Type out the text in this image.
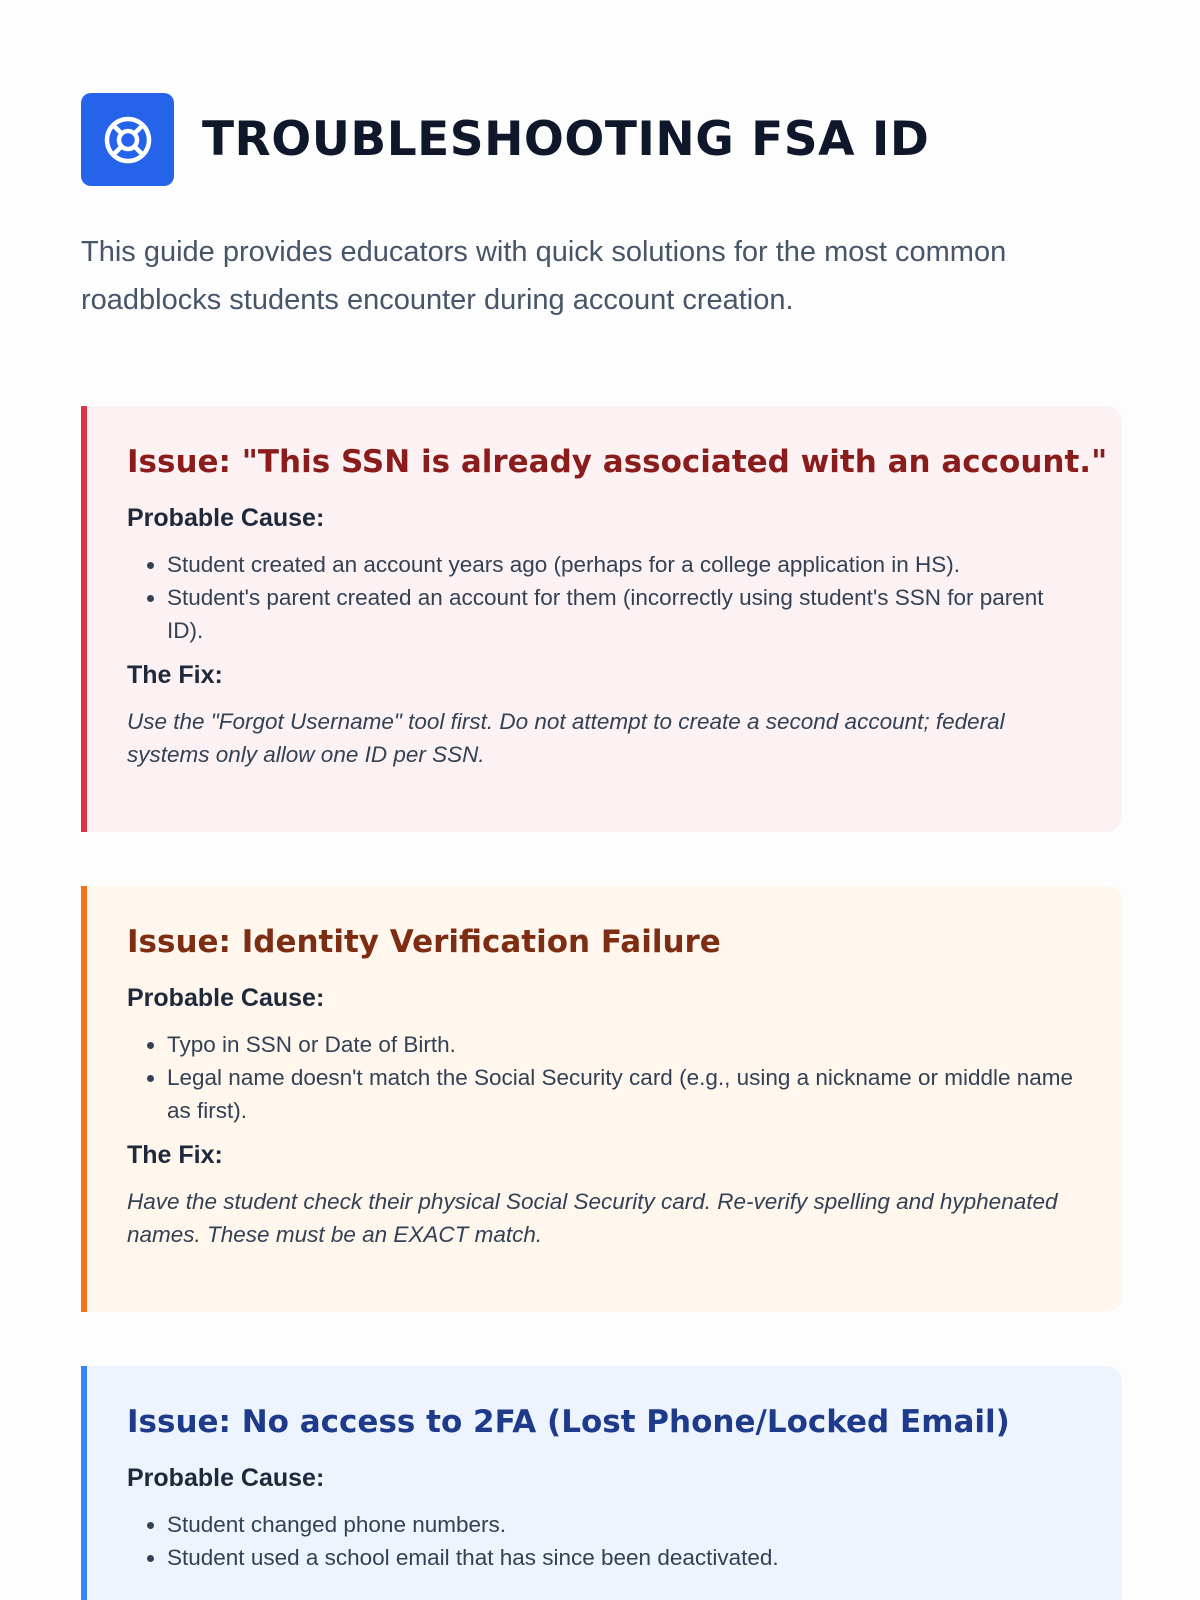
TROUBLESHOOTING FSA ID

This guide provides educators with quick solutions for the most common roadblocks students encounter during account creation.

Issue: "This SSN is already associated with an account."

Probable Cause:

• Student created an account years ago (perhaps for a college application in HS).
• Student's parent created an account for them (incorrectly using student's SSN for parent ID).

The Fix:

Use the "Forgot Username" tool first. Do not attempt to create a second account; federal systems only allow one ID per SSN.

Issue: Identity Verification Failure

Probable Cause:

• Typo in SSN or Date of Birth.
• Legal name doesn't match the Social Security card (e.g., using a nickname or middle name as first).

The Fix:

Have the student check their physical Social Security card. Re-verify spelling and hyphenated names. These must be an EXACT match.

Issue: No access to 2FA (Lost Phone/Locked Email)

Probable Cause:

• Student changed phone numbers.
• Student used a school email that has since been deactivated.
